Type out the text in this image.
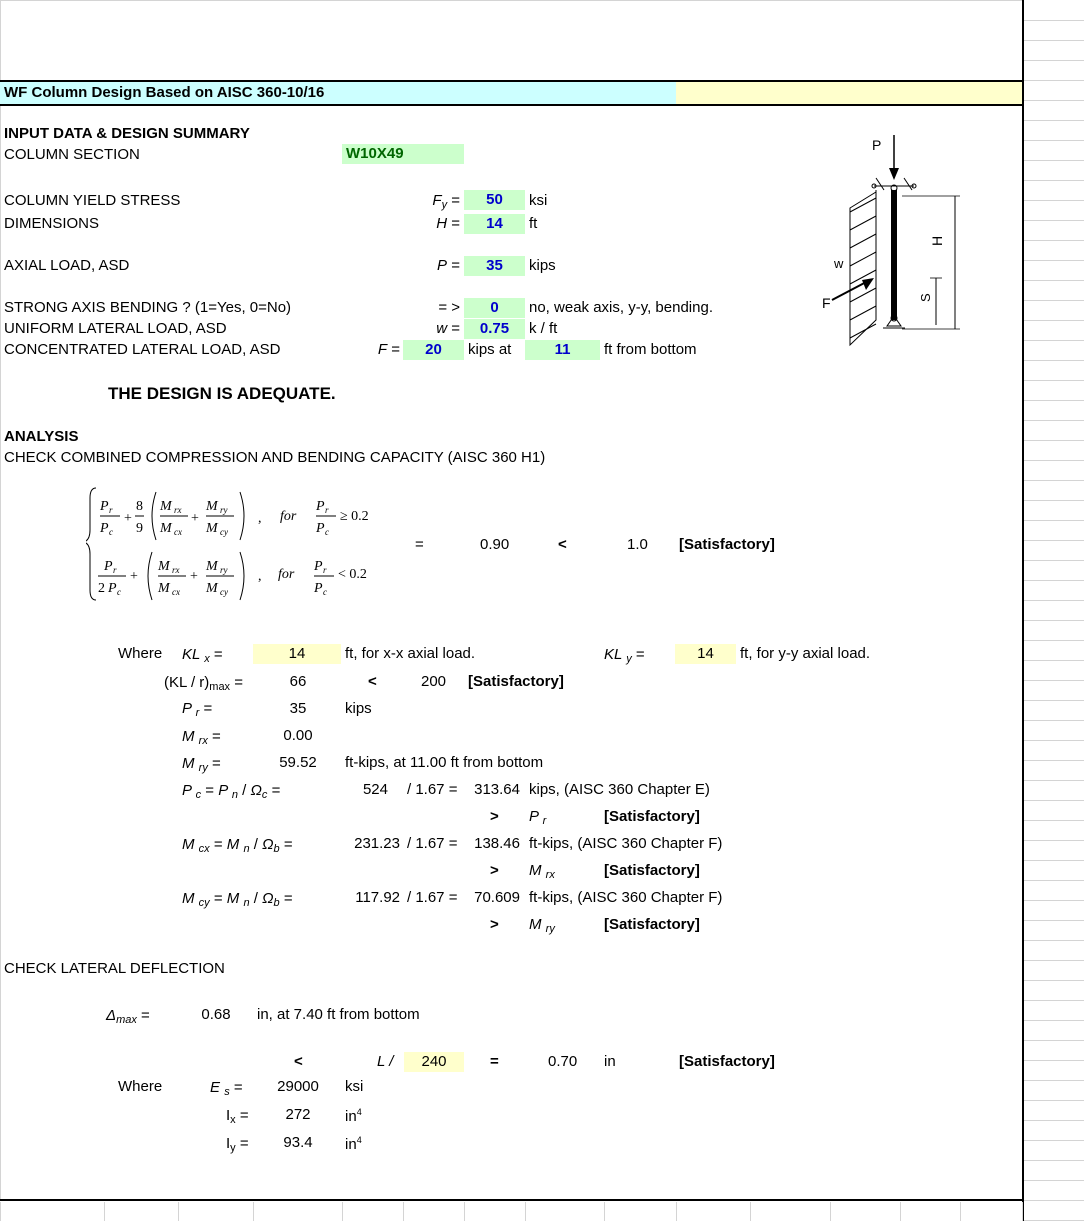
WF Column Design Based on AISC 360-10/16
INPUT DATA & DESIGN SUMMARY
COLUMN SECTION	W10X49
COLUMN YIELD STRESS	$F_y$ =	50	ksi
DIMENSIONS	H =	14	ft
AXIAL LOAD, ASD	P =	35	kips
STRONG AXIS BENDING ? (1=Yes, 0=No)	= >	0	no, weak axis, y-y, bending.
UNIFORM LATERAL LOAD, ASD	w =	0.75	k / ft
CONCENTRATED LATERAL LOAD, ASD	F =	20	kips at	11	ft from bottom
P
w
F
H
S
THE DESIGN IS ADEQUATE.
ANALYSIS
CHECK COMBINED COMPRESSION AND BENDING CAPACITY (AISC 360 H1)
P r
P c
+
8
9
M rx
M cx
+
M ry
M cy
, for
P r
P c
≥ 0.2
P r
2 P c
+
M rx
M cx
+
M ry
M cy
, for
P r
P c
< 0.2
=	0.90	<	1.0 [Satisfactory]
Where KL $_x$ =	14	ft, for x-x axial load.	KL $_y$ =	14	ft, for y-y axial load.
$(KL / r)_{max}$ =	66	<	200 [Satisfactory]
P $_r$ =	35	kips
M $_{rx}$ =	0.00
M $_{ry}$ =	59.52	ft-kips, at 11.00 ft from bottom
P $_c$ = P $_n / \Omega_c$ =	524 / 1.67 =	313.64 kips, (AISC 360 Chapter E)
> P $_r$	[Satisfactory]
M $_{cx}$ = M $_n / \Omega_b$ =	231.23 / 1.67 =	138.46 ft-kips, (AISC 360 Chapter F)
> M $_{rx}$	[Satisfactory]
M $_{cy}$ = M $_n / \Omega_b$ =	117.92 / 1.67 =	70.609 ft-kips, (AISC 360 Chapter F)
> M $_{ry}$	[Satisfactory]
CHECK LATERAL DEFLECTION
$\Delta_{max}$ =	0.68	in, at 7.40 ft from bottom
<	L /	240	=	0.70 in	[Satisfactory]
Where	E $_s$ =	29000	ksi
$I_x$ =	272	$in^4$
$I_y$ =	93.4	$in^4$
